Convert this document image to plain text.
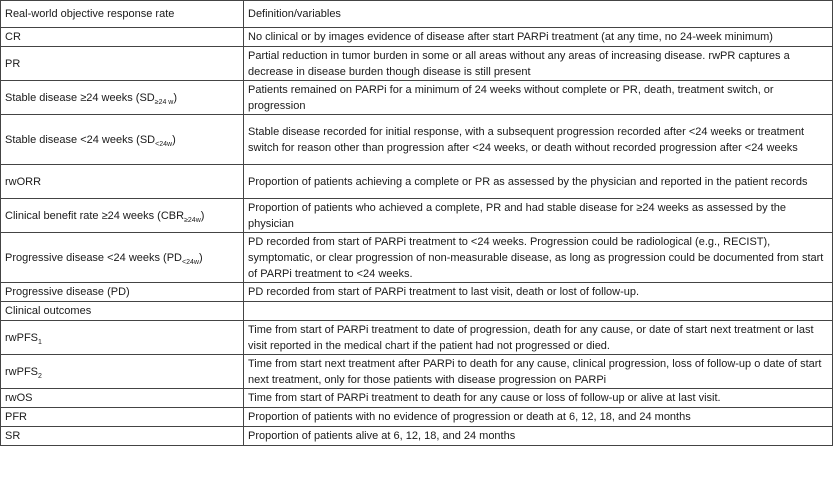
Real-world objective response rate	Definition/variables
CR	No clinical or by images evidence of disease after start PARPi treatment (at any time, no 24-week minimum)
PR	Partial reduction in tumor burden in some or all areas without any areas of increasing disease. rwPR captures a decrease in disease burden though disease is still present
Stable disease ≥24 weeks $(SD_{\ge 24 w})$	Patients remained on PARPi for a minimum of 24 weeks without complete or PR, death, treatment switch, or progression
Stable disease <24 weeks $(SD_{<24w})$	Stable disease recorded for initial response, with a subsequent progression recorded after <24 weeks or treatment switch for reason other than progression after <24 weeks, or death without recorded progression after <24 weeks
rwORR	Proportion of patients achieving a complete or PR as assessed by the physician and reported in the patient records
Clinical benefit rate ≥24 weeks $(CBR_{\ge 24w})$	Proportion of patients who achieved a complete, PR and had stable disease for ≥24 weeks as assessed by the physician
Progressive disease <24 weeks $(PD_{<24w})$	PD recorded from start of PARPi treatment to <24 weeks. Progression could be radiological (e.g., RECIST), symptomatic, or clear progression of non-measurable disease, as long as progression could be documented from start of PARPi treatment to <24 weeks.
Progressive disease (PD)	PD recorded from start of PARPi treatment to last visit, death or lost of follow-up.
Clinical outcomes	
rwPFS$_1$	Time from start of PARPi treatment to date of progression, death for any cause, or date of start next treatment or last visit reported in the medical chart if the patient had not progressed or died.
rwPFS$_2$	Time from start next treatment after PARPi to death for any cause, clinical progression, loss of follow-up o date of start next treatment, only for those patients with disease progression on PARPi
rwOS	Time from start of PARPi treatment to death for any cause or loss of follow-up or alive at last visit.
PFR	Proportion of patients with no evidence of progression or death at 6, 12, 18, and 24 months
SR	Proportion of patients alive at 6, 12, 18, and 24 months
